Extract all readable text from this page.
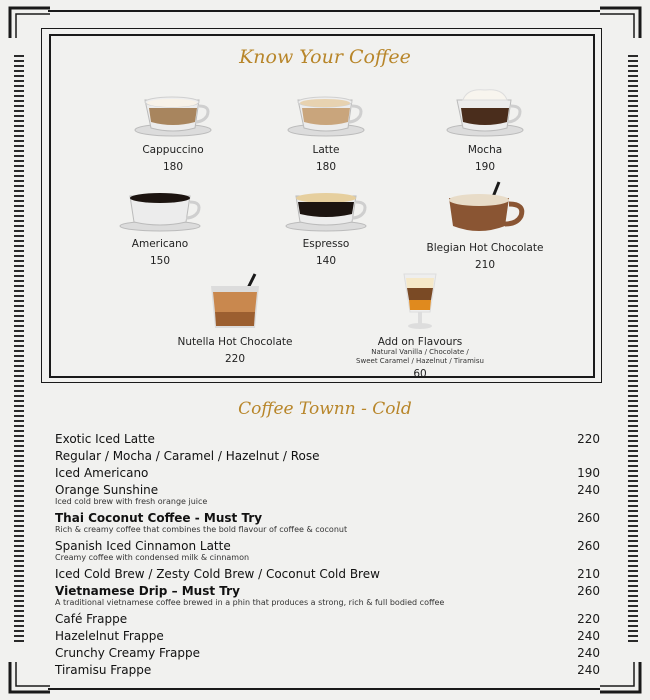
Know Your Coffee
Cappuccino
180
Latte
180
Mocha
190
Americano
150
Espresso
140
Blegian Hot Chocolate
210
Nutella Hot Chocolate
220
Add on Flavours
Natural Vanilla / Chocolate /
Sweet Caramel / Hazelnut / Tiramisu
60
Coffee Townn - Cold
Exotic Iced Latte	220
Regular / Mocha / Caramel / Hazelnut / Rose
Iced Americano	190
Orange Sunshine	240
Iced cold brew with fresh orange juice
Thai Coconut Coffee - Must Try	260
Rich & creamy coffee that combines the bold flavour of coffee & coconut
Spanish Iced Cinnamon Latte	260
Creamy coffee with condensed milk & cinnamon
Iced Cold Brew / Zesty Cold Brew / Coconut Cold Brew	210
Vietnamese Drip – Must Try	260
A traditional vietnamese coffee brewed in a phin that produces a strong, rich & full bodied coffee
Café Frappe	220
Hazelelnut Frappe	240
Crunchy Creamy Frappe	240
Tiramisu Frappe	240
